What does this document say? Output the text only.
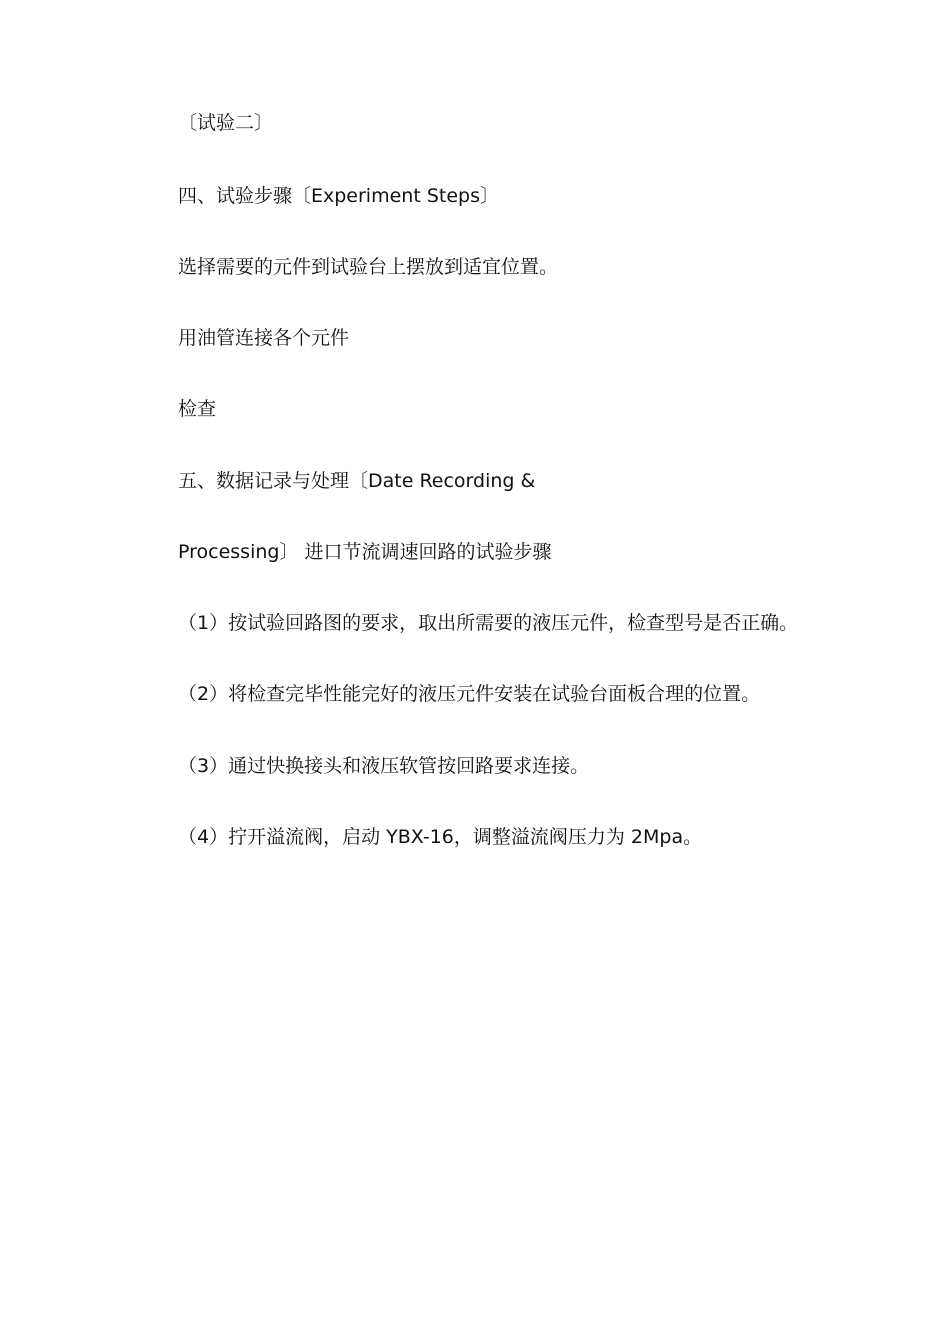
〔试验二〕
四、试验步骤〔Experiment Steps〕
选择需要的元件到试验台上摆放到适宜位置。
用油管连接各个元件
检查
五、数据记录与处理〔Date Recording &
Processing〕 进口节流调速回路的试验步骤
（1）按试验回路图的要求，取出所需要的液压元件，检查型号是否正确。
（2）将检查完毕性能完好的液压元件安装在试验台面板合理的位置。
（3）通过快换接头和液压软管按回路要求连接。
（4）拧开溢流阀，启动 YBX-16，调整溢流阀压力为 2Mpa。
